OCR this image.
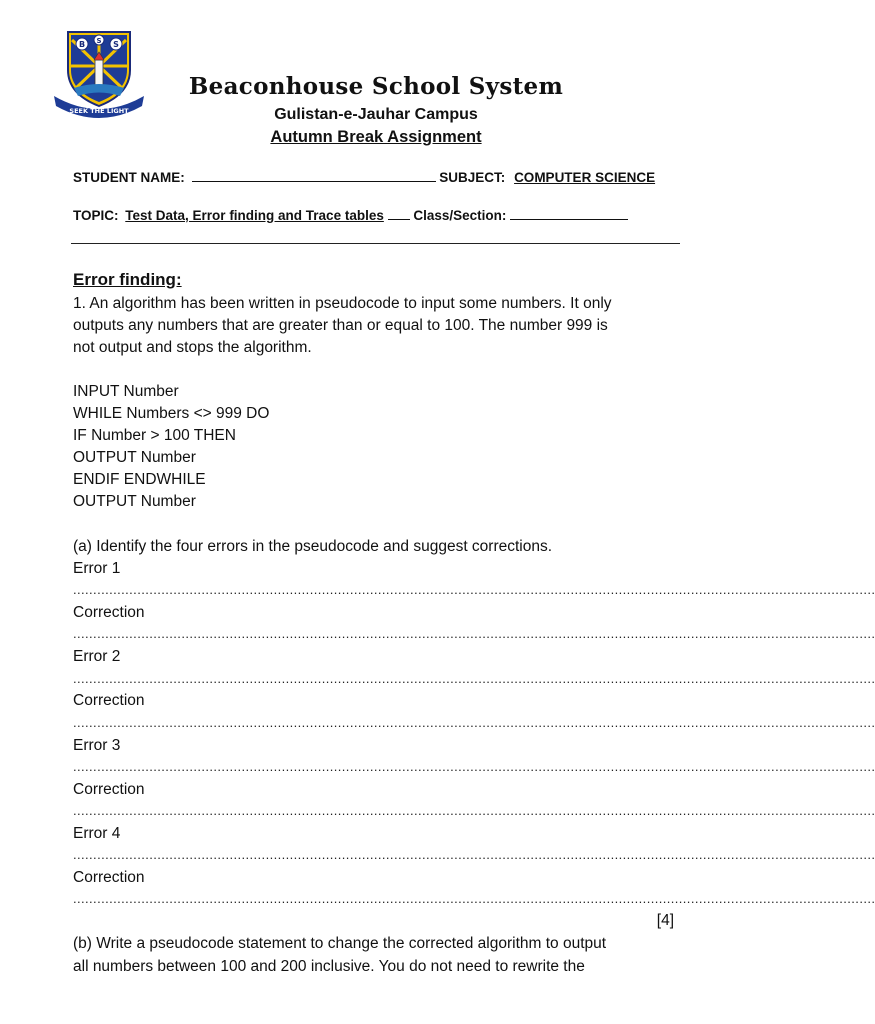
B S S
SEEK THE LIGHT
Beaconhouse School System
Gulistan-e-Jauhar Campus
Autumn Break Assignment
STUDENT NAME:	SUBJECT: COMPUTER SCIENCE
TOPIC: Test Data, Error finding and Trace tables Class/Section:
Error finding:
1. An algorithm has been written in pseudocode to input some numbers. It only
outputs any numbers that are greater than or equal to 100. The number 999 is
not output and stops the algorithm.
INPUT Number
WHILE Numbers <> 999 DO
IF Number > 100 THEN
OUTPUT Number
ENDIF ENDWHILE
OUTPUT Number
(a) Identify the four errors in the pseudocode and suggest corrections.
Error 1
........................................................................................................................................................................................................
Correction
........................................................................................................................................................................................................
Error 2
........................................................................................................................................................................................................
Correction
........................................................................................................................................................................................................
Error 3
........................................................................................................................................................................................................
Correction
........................................................................................................................................................................................................
Error 4
........................................................................................................................................................................................................
Correction
........................................................................................................................................................................................................
[4]
(b) Write a pseudocode statement to change the corrected algorithm to output
all numbers between 100 and 200 inclusive. You do not need to rewrite the
